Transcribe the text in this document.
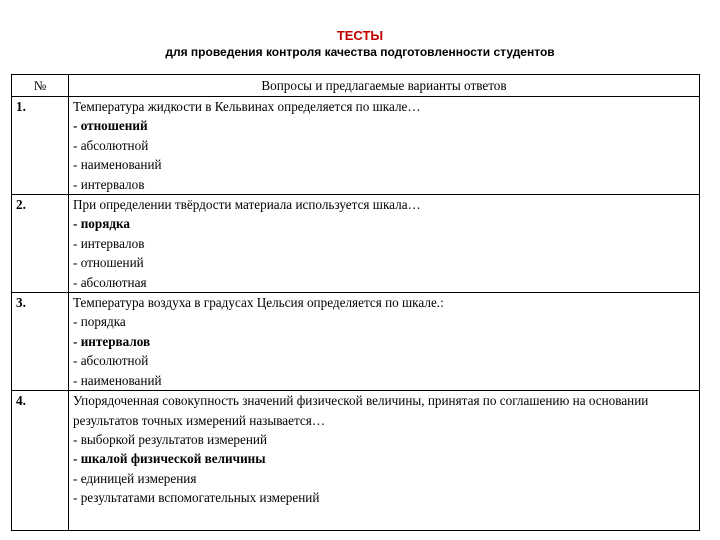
ТЕСТЫ
для проведения контроля качества подготовленности студентов
№	Вопросы и предлагаемые варианты ответов
1.	Температура жидкости в Кельвинах определяется по шкале…
- отношений
- абсолютной
- наименований
- интервалов

2.	При определении твёрдости материала используется шкала…
- порядка
- интервалов
- отношений
- абсолютная

3.	Температура воздуха в градусах Цельсия определяется по шкале.:
- порядка
- интервалов
- абсолютной
- наименований

4.	Упорядоченная совокупность значений физической величины, принятая по соглашению на основании результатов точных измерений называется…
- выборкой результатов измерений
- шкалой физической величины
- единицей измерения
- результатами вспомогательных измерений
